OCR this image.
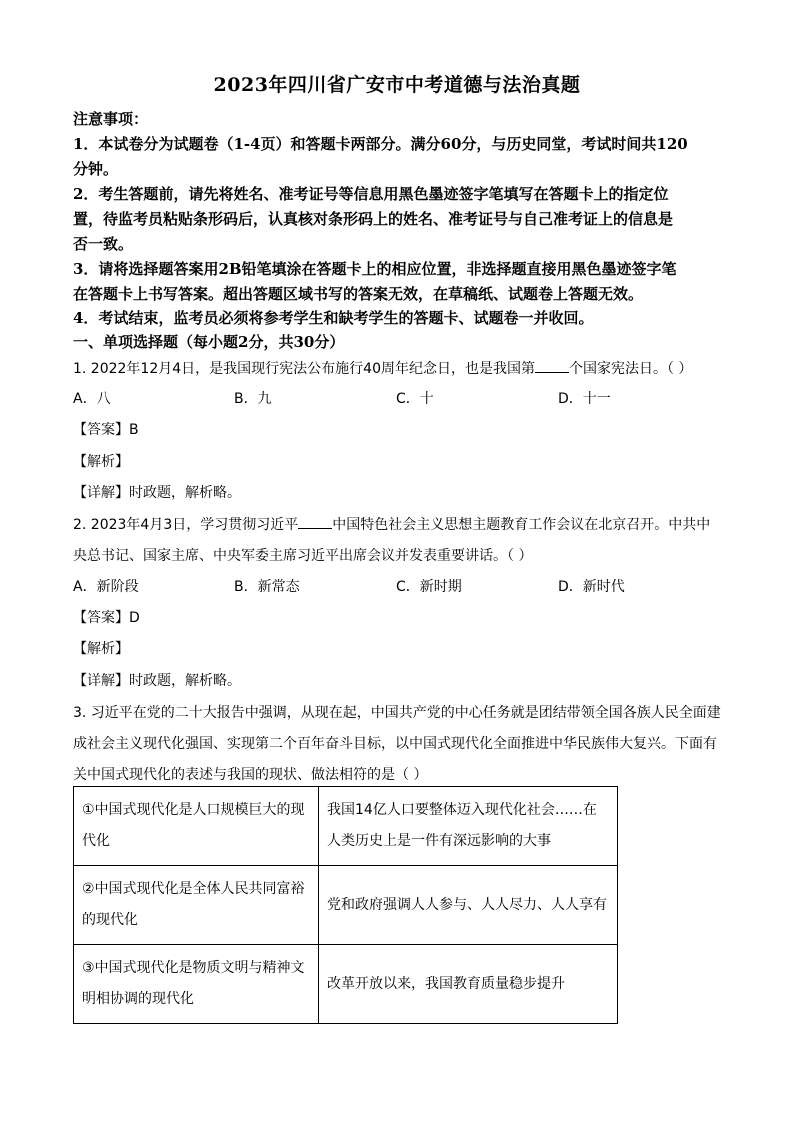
2023年四川省广安市中考道德与法治真题
注意事项：
1．本试卷分为试题卷（1-4页）和答题卡两部分。满分60分，与历史同堂，考试时间共120
分钟。
2．考生答题前，请先将姓名、准考证号等信息用黑色墨迹签字笔填写在答题卡上的指定位
置，待监考员粘贴条形码后，认真核对条形码上的姓名、准考证号与自己准考证上的信息是
否一致。
3．请将选择题答案用2B铅笔填涂在答题卡上的相应位置，非选择题直接用黑色墨迹签字笔
在答题卡上书写答案。超出答题区域书写的答案无效，在草稿纸、试题卷上答题无效。
4．考试结束，监考员必须将参考学生和缺考学生的答题卡、试题卷一并收回。
一、单项选择题（每小题2分，共30分）
1. 2022年12月4日，是我国现行宪法公布施行40周年纪念日，也是我国第 个国家宪法日。（ ）
A．八	B．九	C．十	D．十一
【答案】B
【解析】
【详解】时政题，解析略。
2. 2023年4月3日，学习贯彻习近平 中国特色社会主义思想主题教育工作会议在北京召开。中共中
央总书记、国家主席、中央军委主席习近平出席会议并发表重要讲话。（ ）
A．新阶段	B．新常态	C．新时期	D．新时代
【答案】D
【解析】
【详解】时政题，解析略。
3. 习近平在党的二十大报告中强调，从现在起，中国共产党的中心任务就是团结带领全国各族人民全面建
成社会主义现代化强国、实现第二个百年奋斗目标，以中国式现代化全面推进中华民族伟大复兴。下面有
关中国式现代化的表述与我国的现状、做法相符的是（ ）
①中国式现代化是人口规模巨大的现代化	我国14亿人口要整体迈入现代化社会……在人类历史上是一件有深远影响的大事
②中国式现代化是全体人民共同富裕的现代化	党和政府强调人人参与、人人尽力、人人享有
③中国式现代化是物质文明与精神文明相协调的现代化	改革开放以来，我国教育质量稳步提升
